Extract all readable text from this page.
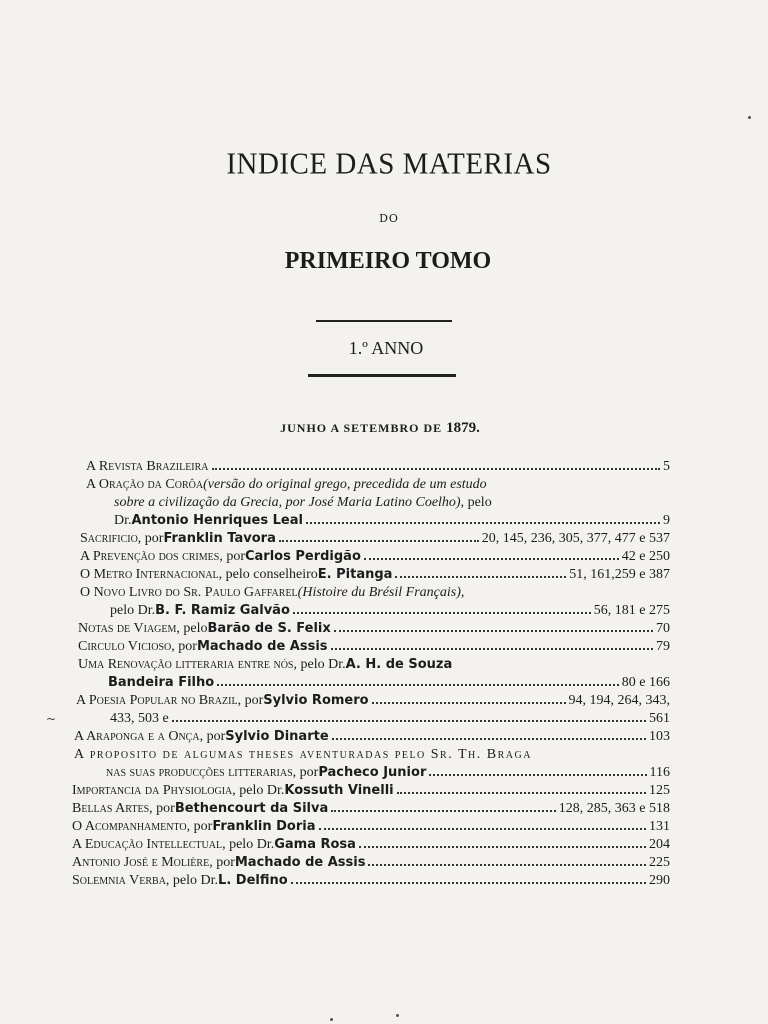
INDICE DAS MATERIAS
DO
PRIMEIRO TOMO
1.º ANNO
JUNHO A SETEMBRO DE 1879.
A Revista Brazileira	5
A Oração da Corôa (versão do original grego, precedida de um estudo
sobre a civilização da Grecia, por José Maria Latino Coelho) , pelo
Dr. Antonio Henriques Leal	9
Sacrificio , por Franklin Tavora	20, 145, 236, 305, 377, 477 e 537
A Prevenção dos crimes , por Carlos Perdigão	42 e 250
O Metro Internacional , pelo conselheiro E. Pitanga	51, 161,259 e 387
O Novo Livro do Sr. Paulo Gaffarel (Histoire du Brésil Français) ,
pelo Dr. B. F. Ramiz Galvão	56, 181 e 275
Notas de Viagem , pelo Barão de S. Felix	70
Circulo Vicioso , por Machado de Assis	79
Uma Renovação litteraria entre nós , pelo Dr. A. H. de Souza
Bandeira Filho	80 e 166
A Poesia Popular no Brazil , por Sylvio Romero	94, 194, 264, 343,
433, 503 e	561
A Araponga e a Onça , por Sylvio Dinarte	103
A proposito de algumas theses aventuradas pelo Sr. Th. Braga
nas suas producções litterarias , por Pacheco Junior	116
Importancia da Physiologia , pelo Dr. Kossuth Vinelli	125
Bellas Artes , por Bethencourt da Silva	128, 285, 363 e 518
O Acompanhamento , por Franklin Doria	131
A Educação Intellectual , pelo Dr. Gama Rosa	204
Antonio José e Molière , por Machado de Assis	225
Solemnia Verba , pelo Dr. L. Delfino	290
~
